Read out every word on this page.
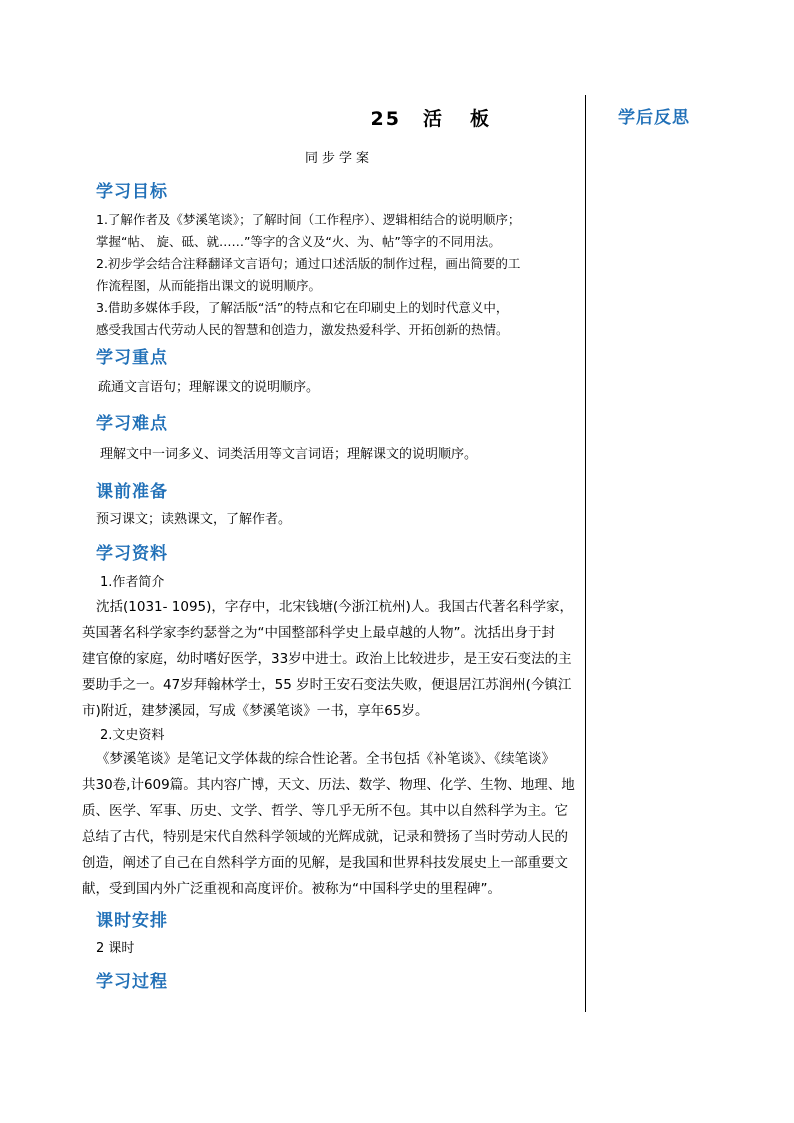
学后反思
25 活 板
同步学案
学习目标
1.了解作者及《梦溪笔谈》；了解时间（工作程序）、逻辑相结合的说明顺序；
掌握“帖、 旋、砥、就……”等字的含义及“火、为、帖”等字的不同用法。
2.初步学会结合注释翻译文言语句；通过口述活版的制作过程，画出简要的工
作流程图，从而能指出课文的说明顺序。
3.借助多媒体手段，了解活版“活”的特点和它在印刷史上的划时代意义中，
感受我国古代劳动人民的智慧和创造力，激发热爱科学、开拓创新的热情。
学习重点
疏通文言语句；理解课文的说明顺序。
学习难点
理解文中一词多义、词类活用等文言词语；理解课文的说明顺序。
课前准备
预习课文；读熟课文，了解作者。
学习资料
1.作者简介
沈括(1031- 1095)，字存中，北宋钱塘(今浙江杭州)人。我国古代著名科学家，
英国著名科学家李约瑟誉之为“中国整部科学史上最卓越的人物”。沈括出身于封
建官僚的家庭，幼时嗜好医学，33岁中进士。政治上比较进步，是王安石变法的主
要助手之一。47岁拜翰林学士，55 岁时王安石变法失败，便退居江苏润州(今镇江
市)附近，建梦溪园，写成《梦溪笔谈》一书，享年65岁。
2.文史资料
《梦溪笔谈》是笔记文学体裁的综合性论著。全书包括《补笔谈》、《续笔谈》
共30卷,计609篇。其内容广博，天文、历法、数学、物理、化学、生物、地理、地
质、医学、军事、历史、文学、哲学、等几乎无所不包。其中以自然科学为主。它
总结了古代，特别是宋代自然科学领域的光辉成就，记录和赞扬了当时劳动人民的
创造，阐述了自己在自然科学方面的见解，是我国和世界科技发展史上一部重要文
献，受到国内外广泛重视和高度评价。被称为“中国科学史的里程碑”。
课时安排
2 课时
学习过程
